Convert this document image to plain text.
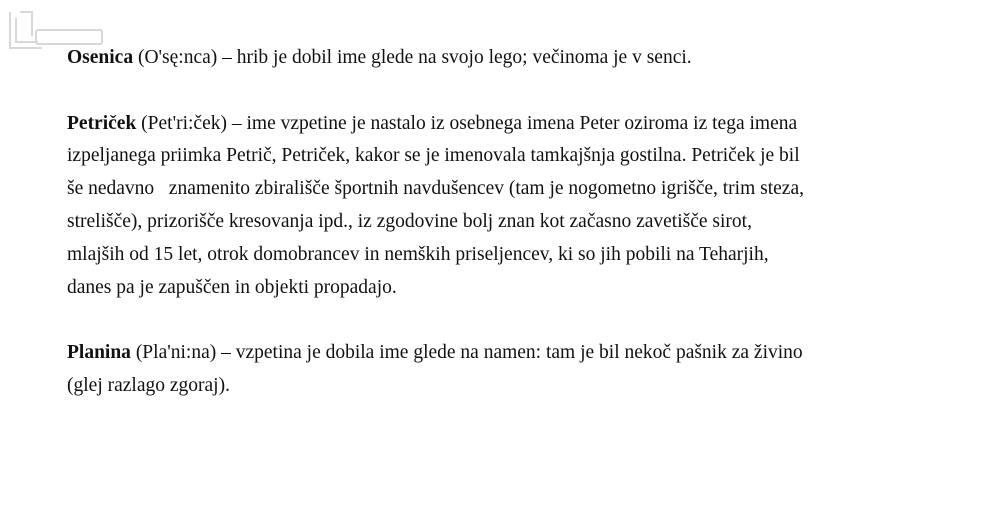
Osenica (O'sę:nca) – hrib je dobil ime glede na svojo lego; večinoma je v senci.

Petriček (Pet'ri:ček) – ime vzpetine je nastalo iz osebnega imena Peter oziroma iz tega imena
izpeljanega priimka Petrič, Petriček, kakor se je imenovala tamkajšnja gostilna. Petriček je bil
še nedavno   znamenito zbirališče športnih navdušencev (tam je nogometno igrišče, trim steza,
strelišče), prizorišče kresovanja ipd., iz zgodovine bolj znan kot začasno zavetišče sirot,
mlajših od 15 let, otrok domobrancev in nemških priseljencev, ki so jih pobili na Teharjih,
danes pa je zapuščen in objekti propadajo.

Planina (Pla'ni:na) – vzpetina je dobila ime glede na namen: tam je bil nekoč pašnik za živino
(glej razlago zgoraj).
